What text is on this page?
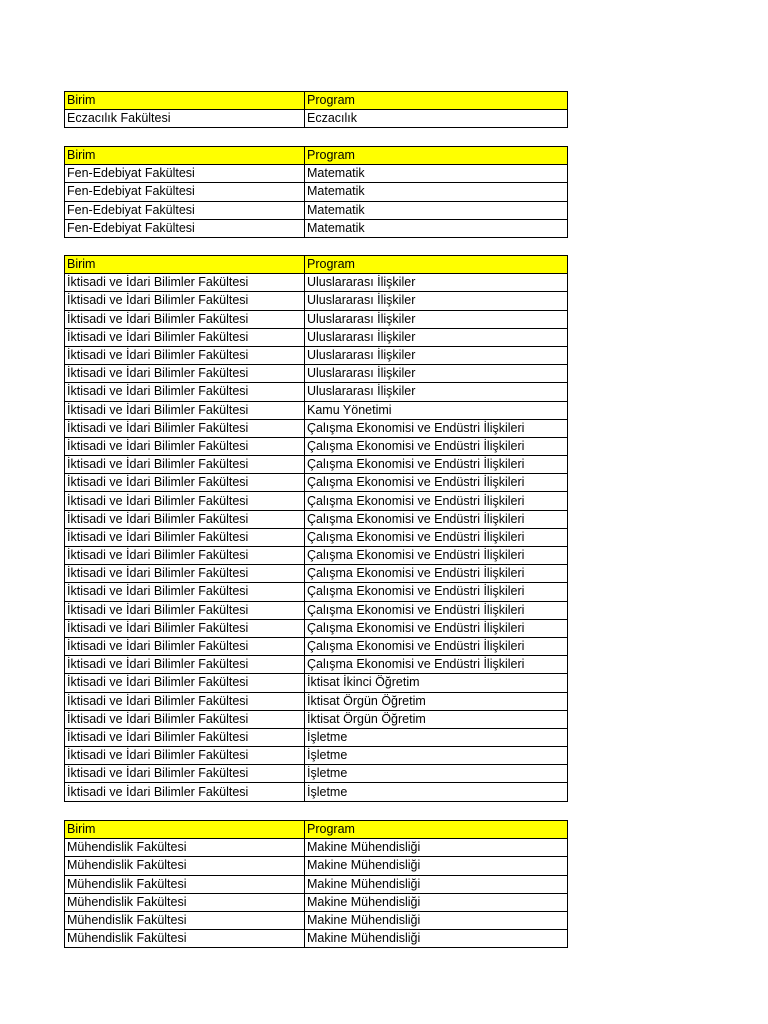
Birim	Program
Eczacılık Fakültesi	Eczacılık
Birim	Program
Fen-Edebiyat Fakültesi	Matematik
Fen-Edebiyat Fakültesi	Matematik
Fen-Edebiyat Fakültesi	Matematik
Fen-Edebiyat Fakültesi	Matematik
Birim	Program
İktisadi ve İdari Bilimler Fakültesi	Uluslararası İlişkiler
İktisadi ve İdari Bilimler Fakültesi	Uluslararası İlişkiler
İktisadi ve İdari Bilimler Fakültesi	Uluslararası İlişkiler
İktisadi ve İdari Bilimler Fakültesi	Uluslararası İlişkiler
İktisadi ve İdari Bilimler Fakültesi	Uluslararası İlişkiler
İktisadi ve İdari Bilimler Fakültesi	Uluslararası İlişkiler
İktisadi ve İdari Bilimler Fakültesi	Uluslararası İlişkiler
İktisadi ve İdari Bilimler Fakültesi	Kamu Yönetimi
İktisadi ve İdari Bilimler Fakültesi	Çalışma Ekonomisi ve Endüstri İlişkileri
İktisadi ve İdari Bilimler Fakültesi	Çalışma Ekonomisi ve Endüstri İlişkileri
İktisadi ve İdari Bilimler Fakültesi	Çalışma Ekonomisi ve Endüstri İlişkileri
İktisadi ve İdari Bilimler Fakültesi	Çalışma Ekonomisi ve Endüstri İlişkileri
İktisadi ve İdari Bilimler Fakültesi	Çalışma Ekonomisi ve Endüstri İlişkileri
İktisadi ve İdari Bilimler Fakültesi	Çalışma Ekonomisi ve Endüstri İlişkileri
İktisadi ve İdari Bilimler Fakültesi	Çalışma Ekonomisi ve Endüstri İlişkileri
İktisadi ve İdari Bilimler Fakültesi	Çalışma Ekonomisi ve Endüstri İlişkileri
İktisadi ve İdari Bilimler Fakültesi	Çalışma Ekonomisi ve Endüstri İlişkileri
İktisadi ve İdari Bilimler Fakültesi	Çalışma Ekonomisi ve Endüstri İlişkileri
İktisadi ve İdari Bilimler Fakültesi	Çalışma Ekonomisi ve Endüstri İlişkileri
İktisadi ve İdari Bilimler Fakültesi	Çalışma Ekonomisi ve Endüstri İlişkileri
İktisadi ve İdari Bilimler Fakültesi	Çalışma Ekonomisi ve Endüstri İlişkileri
İktisadi ve İdari Bilimler Fakültesi	Çalışma Ekonomisi ve Endüstri İlişkileri
İktisadi ve İdari Bilimler Fakültesi	İktisat İkinci Öğretim
İktisadi ve İdari Bilimler Fakültesi	İktisat Örgün Öğretim
İktisadi ve İdari Bilimler Fakültesi	İktisat Örgün Öğretim
İktisadi ve İdari Bilimler Fakültesi	İşletme
İktisadi ve İdari Bilimler Fakültesi	İşletme
İktisadi ve İdari Bilimler Fakültesi	İşletme
İktisadi ve İdari Bilimler Fakültesi	İşletme
Birim	Program
Mühendislik Fakültesi	Makine Mühendisliği
Mühendislik Fakültesi	Makine Mühendisliği
Mühendislik Fakültesi	Makine Mühendisliği
Mühendislik Fakültesi	Makine Mühendisliği
Mühendislik Fakültesi	Makine Mühendisliği
Mühendislik Fakültesi	Makine Mühendisliği
